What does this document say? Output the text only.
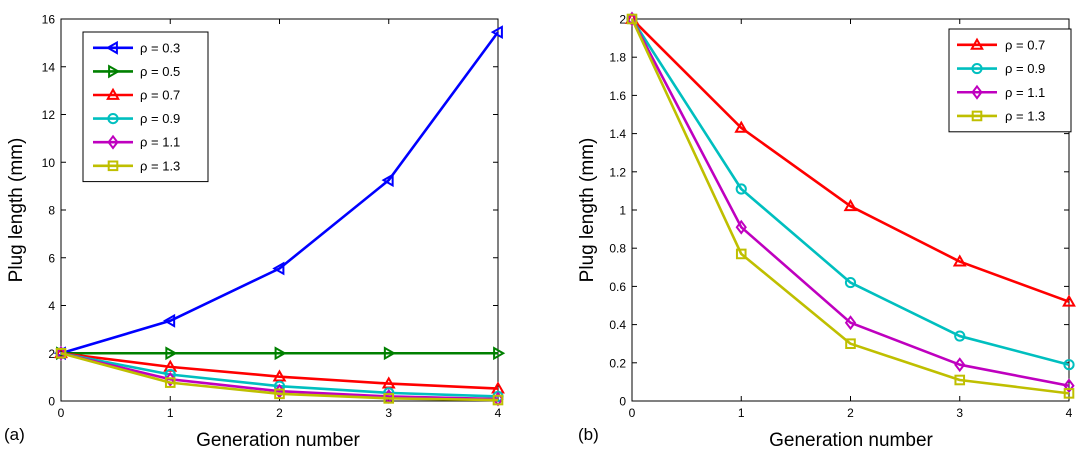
0	1	2	3	4
0
2
4
6
8
10
12
14
16
ρ = 0.3
ρ = 0.5
ρ = 0.7
ρ = 0.9
ρ = 1.1
ρ = 1.3
Generation number
Plug length (mm)
(a)
0	1	2	3	4
0
0.2
0.4
0.6
0.8
1
1.2
1.4
1.6
1.8
2
ρ = 0.7
ρ = 0.9
ρ = 1.1
ρ = 1.3
Generation number
Plug length (mm)
(b)
